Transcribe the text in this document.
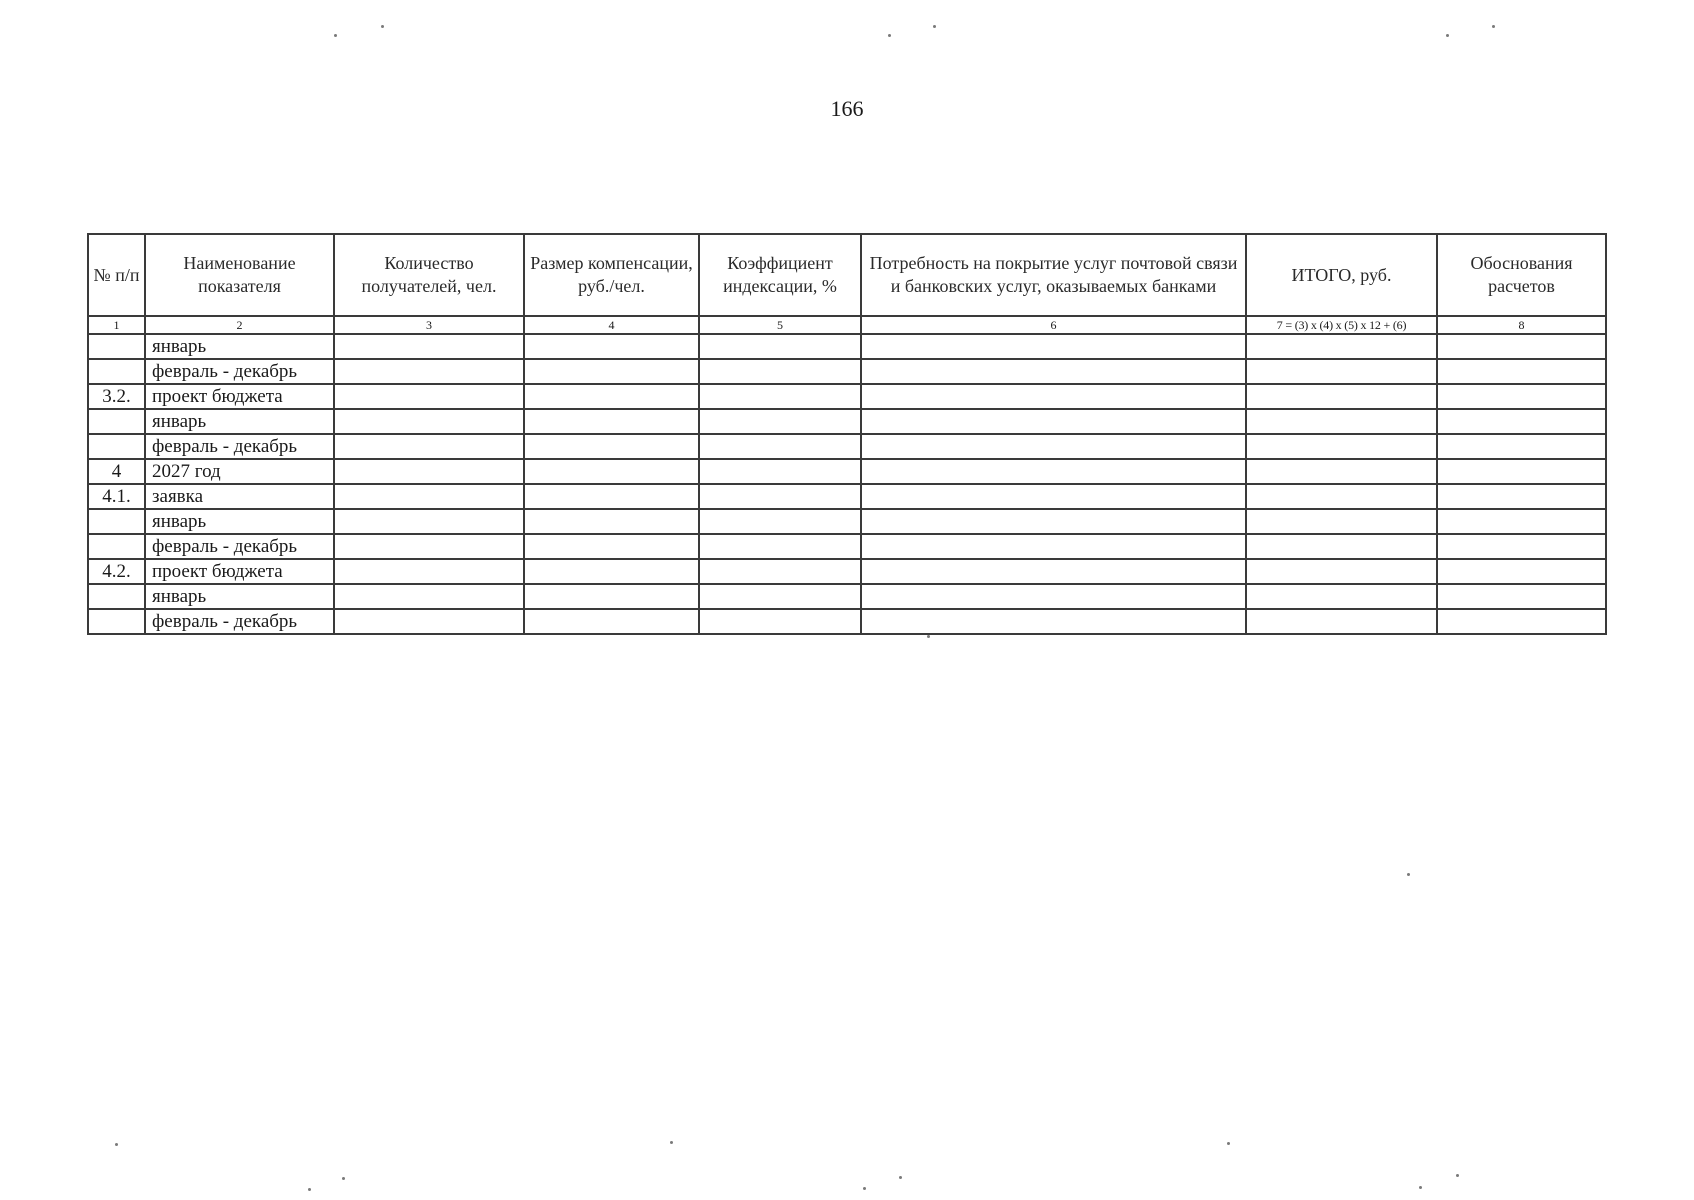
166
№ п/п	Наименование показателя	Количество получателей, чел.	Размер компенсации, руб./чел.	Коэффициент индексации, %	Потребность на покрытие услуг почтовой связи и банковских услуг, оказываемых банками	ИТОГО, руб.	Обоснования расчетов
1	2	3	4	5	6	7 = (3) x (4) x (5) x 12 + (6)	8
	январь						
	февраль - декабрь						
3.2.	проект бюджета						
	январь						
	февраль - декабрь						
4	2027 год						
4.1.	заявка						
	январь						
	февраль - декабрь						
4.2.	проект бюджета						
	январь						
	февраль - декабрь						
